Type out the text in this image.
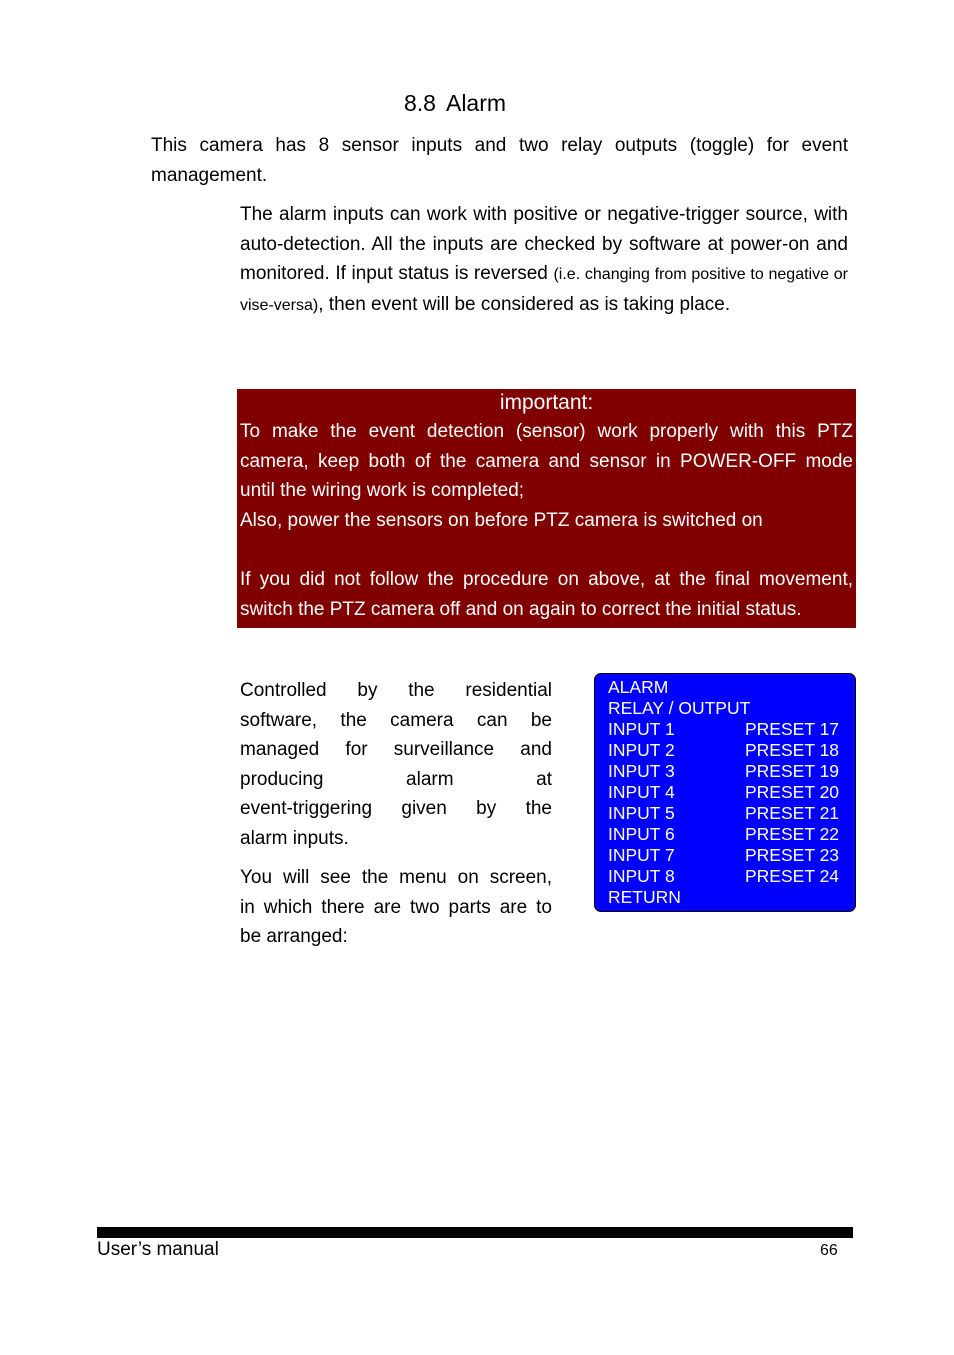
8.8 Alarm

This camera has 8 sensor inputs and two relay outputs (toggle) for event management.

The alarm inputs can work with positive or negative-trigger source, with auto-detection. All the inputs are checked by software at power-on and monitored. If input status is reversed (i.e. changing from positive to negative or vise-versa), then event will be considered as is taking place.

important:
To make the event detection (sensor) work properly with this PTZ
camera, keep both of the camera and sensor in POWER-OFF mode
until the wiring work is completed;
Also, power the sensors on before PTZ camera is switched on
If you did not follow the procedure on above, at the final movement,
switch the PTZ camera off and on again to correct the initial status.
Controlled by the residential
software, the camera can be
managed for surveillance and
producing alarm at
event-triggering given by the
alarm inputs.
You will see the menu on screen,
in which there are two parts are to
be arranged:
ALARM
RELAY / OUTPUT
INPUT 1	PRESET 17
INPUT 2	PRESET 18
INPUT 3	PRESET 19
INPUT 4	PRESET 20
INPUT 5	PRESET 21
INPUT 6	PRESET 22
INPUT 7	PRESET 23
INPUT 8	PRESET 24
RETURN
User’s manual	66
